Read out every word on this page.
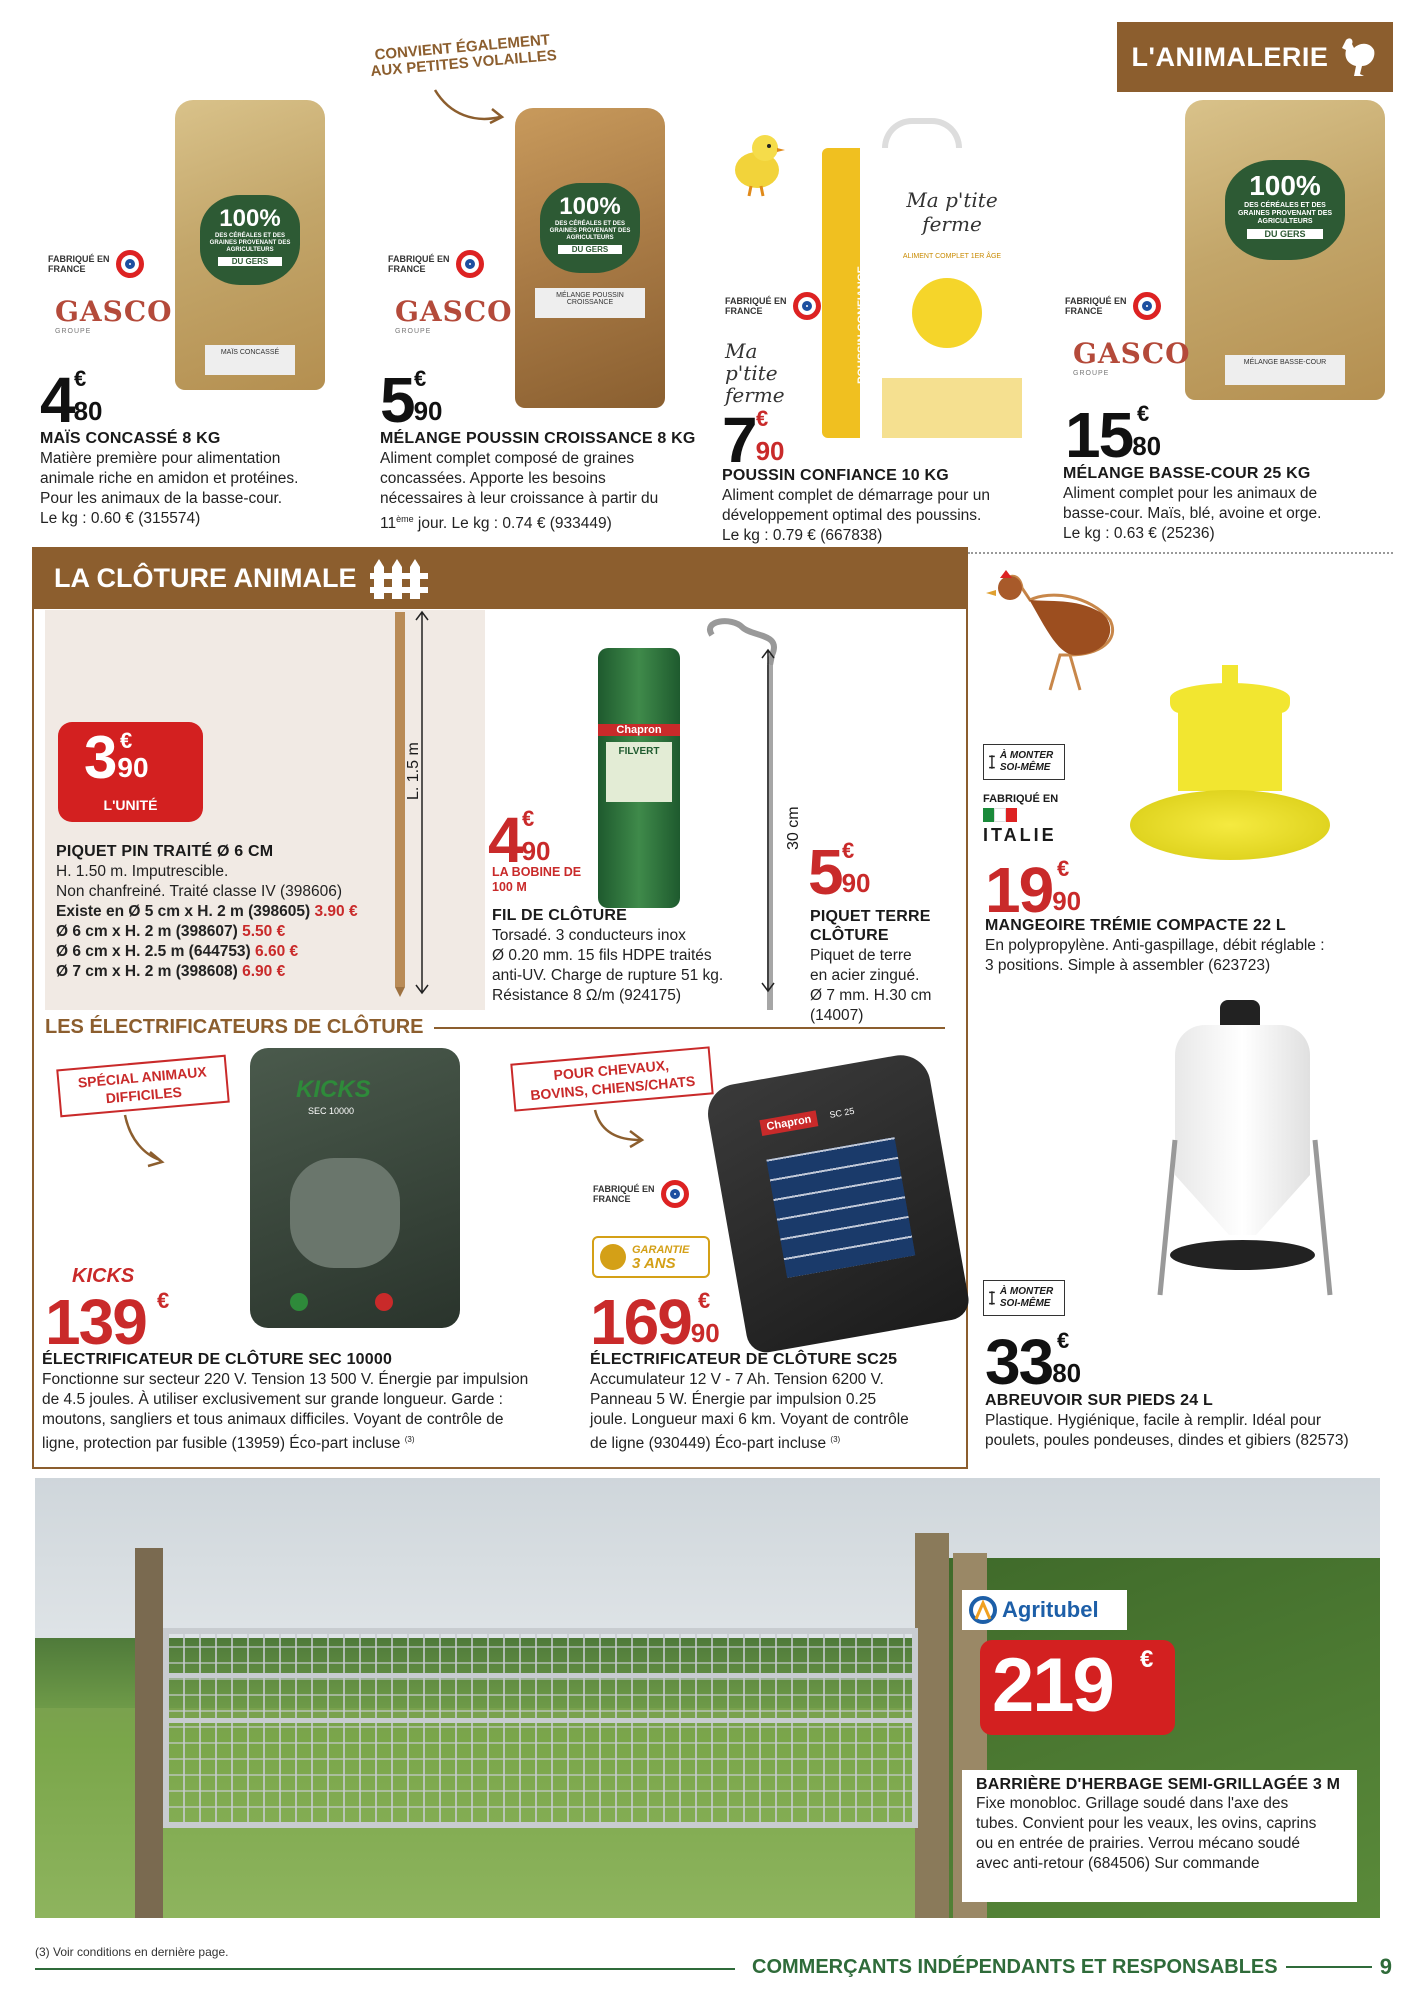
L'ANIMALERIE
CONVIENT ÉGALEMENT AUX PETITES VOLAILLES
100%
DES CÉRÉALES ET DES GRAINES PROVENANT DES AGRICULTEURS
DU GERS
MAÏS CONCASSÉ
FABRIQUÉ EN FRANCE
GASCO
GROUPE
4 €
80
MAÏS CONCASSÉ 8 KG
Matière première pour alimentation
animale riche en amidon et protéines.
Pour les animaux de la basse-cour.
Le kg : 0.60 € (315574)
100%
DES CÉRÉALES ET DES GRAINES PROVENANT DES AGRICULTEURS
DU GERS
MÉLANGE POUSSIN CROISSANCE
FABRIQUÉ EN FRANCE
GASCO
GROUPE
5 €
90
MÉLANGE POUSSIN CROISSANCE 8 KG
Aliment complet composé de graines
concassées. Apporte les besoins
nécessaires à leur croissance à partir du
11ème jour. Le kg : 0.74 € (933449)
Ma p'tite ferme
ALIMENT COMPLET 1ER ÂGE
POUSSIN CONFIANCE
FABRIQUÉ EN FRANCE
Ma p'tite ferme
7 €
90
POUSSIN CONFIANCE 10 KG
Aliment complet de démarrage pour un
développement optimal des poussins.
Le kg : 0.79 € (667838)
100%
DES CÉRÉALES ET DES GRAINES PROVENANT DES AGRICULTEURS
DU GERS
MÉLANGE BASSE-COUR
FABRIQUÉ EN FRANCE
GASCO
GROUPE
15 €
80
MÉLANGE BASSE-COUR 25 KG
Aliment complet pour les animaux de
basse-cour. Maïs, blé, avoine et orge.
Le kg : 0.63 € (25236)
LA CLÔTURE ANIMALE
L. 1.5 m
390
€
L'UNITÉ
PIQUET PIN TRAITÉ Ø 6 CM
H. 1.50 m. Imputrescible.
Non chanfreiné. Traité classe IV (398606)
Existe en Ø 5 cm x H. 2 m (398605) 3.90 €
Ø 6 cm x H. 2 m (398607) 5.50 €
Ø 6 cm x H. 2.5 m (644753) 6.60 €
Ø 7 cm x H. 2 m (398608) 6.90 €
Chapron
FILVERT
4 €
90
LA BOBINE DE 100 M
FIL DE CLÔTURE
Torsadé. 3 conducteurs inox
Ø 0.20 mm. 15 fils HDPE traités
anti-UV. Charge de rupture 51 kg.
Résistance 8 Ω/m (924175)
30 cm
5 €
90
PIQUET TERRE CLÔTURE
Piquet de terre
en acier zingué.
Ø 7 mm. H.30 cm
(14007)
LES ÉLECTRIFICATEURS DE CLÔTURE
SPÉCIAL ANIMAUX DIFFICILES
POUR CHEVAUX, BOVINS, CHIENS/CHATS
KICKS
SEC 10000
KICKS
139 €
ÉLECTRIFICATEUR DE CLÔTURE SEC 10000
Fonctionne sur secteur 220 V. Tension 13 500 V. Énergie par impulsion
de 4.5 joules. À utiliser exclusivement sur grande longueur. Garde :
moutons, sangliers et tous animaux difficiles. Voyant de contrôle de
ligne, protection par fusible (13959) Éco-part incluse $^{(3)}$
FABRIQUÉ EN FRANCE
GARANTIE
3 ANS
Chapron
SC 25
169 €
90
ÉLECTRIFICATEUR DE CLÔTURE SC25
Accumulateur 12 V - 7 Ah. Tension 6200 V.
Panneau 5 W. Énergie par impulsion 0.25
joule. Longueur maxi 6 km. Voyant de contrôle
de ligne (930449) Éco-part incluse $^{(3)}$
À MONTER SOI-MÊME
FABRIQUÉ EN
ITALIE
19 €
90
MANGEOIRE TRÉMIE COMPACTE 22 L
En polypropylène. Anti-gaspillage, débit réglable :
3 positions. Simple à assembler (623723)
À MONTER SOI-MÊME
33 €
80
ABREUVOIR SUR PIEDS 24 L
Plastique. Hygiénique, facile à remplir. Idéal pour
poulets, poules pondeuses, dindes et gibiers (82573)
Agritubel
219 €
BARRIÈRE D'HERBAGE SEMI-GRILLAGÉE 3 M
Fixe monobloc. Grillage soudé dans l'axe des
tubes. Convient pour les veaux, les ovins, caprins
ou en entrée de prairies. Verrou mécano soudé
avec anti-retour (684506) Sur commande
(3) Voir conditions en dernière page.
COMMERÇANTS INDÉPENDANTS ET RESPONSABLES	9
